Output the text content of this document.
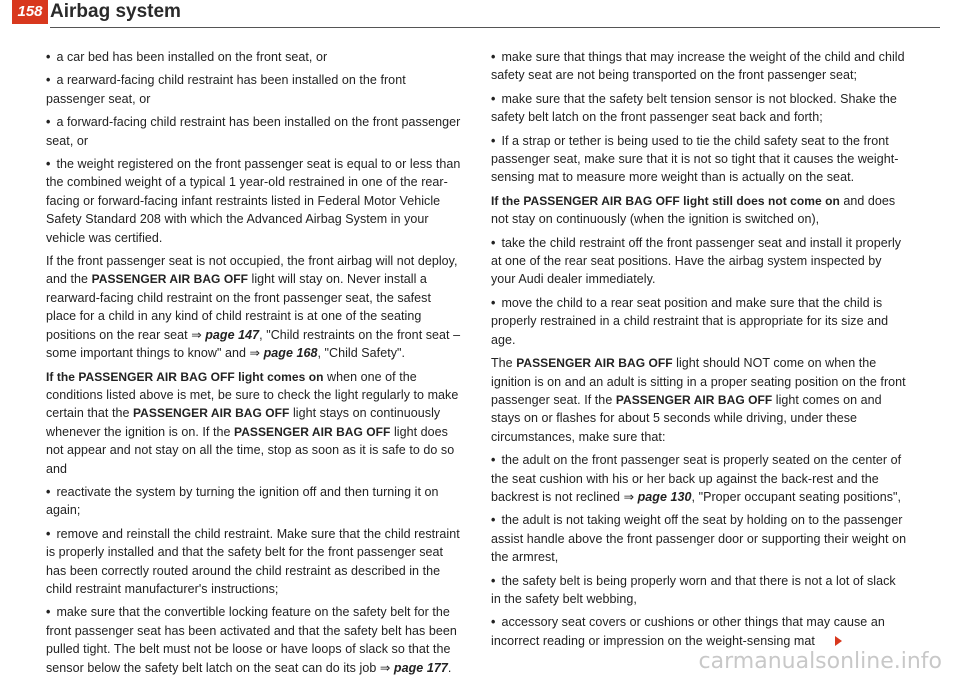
158 Airbag system

• a car bed has been installed on the front seat, or

• a rearward-facing child restraint has been installed on the front passenger seat, or

• a forward-facing child restraint has been installed on the front passenger seat, or

• the weight registered on the front passenger seat is equal to or less than the combined weight of a typical 1 year-old restrained in one of the rear-facing or forward-facing infant restraints listed in Federal Motor Vehicle Safety Standard 208 with which the Advanced Airbag System in your vehicle was certified.

If the front passenger seat is not occupied, the front airbag will not deploy, and the PASSENGER AIR BAG OFF light will stay on. Never install a rearward-facing child restraint on the front passenger seat, the safest place for a child in any kind of child restraint is at one of the seating positions on the rear seat ⇒ page 147, "Child restraints on the front seat – some important things to know" and ⇒ page 168, "Child Safety".

If the PASSENGER AIR BAG OFF light comes on when one of the conditions listed above is met, be sure to check the light regularly to make certain that the PASSENGER AIR BAG OFF light stays on continuously whenever the ignition is on. If the PASSENGER AIR BAG OFF light does not appear and not stay on all the time, stop as soon as it is safe to do so and

• reactivate the system by turning the ignition off and then turning it on again;

• remove and reinstall the child restraint. Make sure that the child restraint is properly installed and that the safety belt for the front passenger seat has been correctly routed around the child restraint as described in the child restraint manufacturer's instructions;

• make sure that the convertible locking feature on the safety belt for the front passenger seat has been activated and that the safety belt has been pulled tight. The belt must not be loose or have loops of slack so that the sensor below the safety belt latch on the seat can do its job ⇒ page 177.

• make sure that things that may increase the weight of the child and child safety seat are not being transported on the front passenger seat;

• make sure that the safety belt tension sensor is not blocked. Shake the safety belt latch on the front passenger seat back and forth;

• If a strap or tether is being used to tie the child safety seat to the front passenger seat, make sure that it is not so tight that it causes the weight-sensing mat to measure more weight than is actually on the seat.

If the PASSENGER AIR BAG OFF light still does not come on and does not stay on continuously (when the ignition is switched on),

• take the child restraint off the front passenger seat and install it properly at one of the rear seat positions. Have the airbag system inspected by your Audi dealer immediately.

• move the child to a rear seat position and make sure that the child is properly restrained in a child restraint that is appropriate for its size and age.

The PASSENGER AIR BAG OFF light should NOT come on when the ignition is on and an adult is sitting in a proper seating position on the front passenger seat. If the PASSENGER AIR BAG OFF light comes on and stays on or flashes for about 5 seconds while driving, under these circumstances, make sure that:

• the adult on the front passenger seat is properly seated on the center of the seat cushion with his or her back up against the back-rest and the backrest is not reclined ⇒ page 130, "Proper occupant seating positions",

• the adult is not taking weight off the seat by holding on to the passenger assist handle above the front passenger door or supporting their weight on the armrest,

• the safety belt is being properly worn and that there is not a lot of slack in the safety belt webbing,

• accessory seat covers or cushions or other things that may cause an incorrect reading or impression on the weight-sensing mat

carmanualsonline.info
